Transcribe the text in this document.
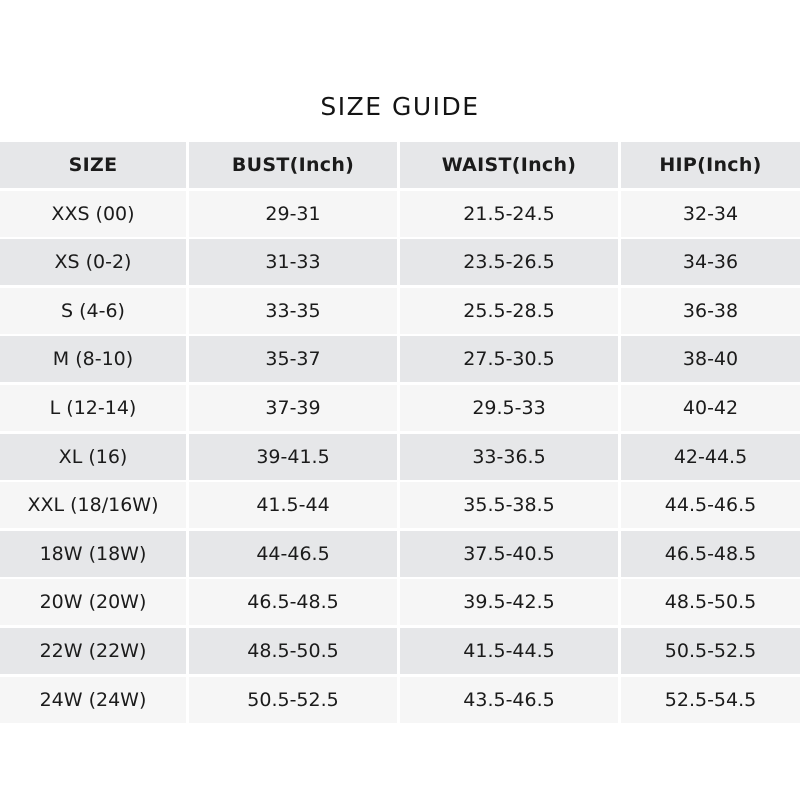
SIZE GUIDE
SIZE	BUST(Inch)	WAIST(Inch)	HIP(Inch)
XXS (00)	29-31	21.5-24.5	32-34
XS (0-2)	31-33	23.5-26.5	34-36
S (4-6)	33-35	25.5-28.5	36-38
M (8-10)	35-37	27.5-30.5	38-40
L (12-14)	37-39	29.5-33	40-42
XL (16)	39-41.5	33-36.5	42-44.5
XXL (18/16W)	41.5-44	35.5-38.5	44.5-46.5
18W (18W)	44-46.5	37.5-40.5	46.5-48.5
20W (20W)	46.5-48.5	39.5-42.5	48.5-50.5
22W (22W)	48.5-50.5	41.5-44.5	50.5-52.5
24W (24W)	50.5-52.5	43.5-46.5	52.5-54.5
